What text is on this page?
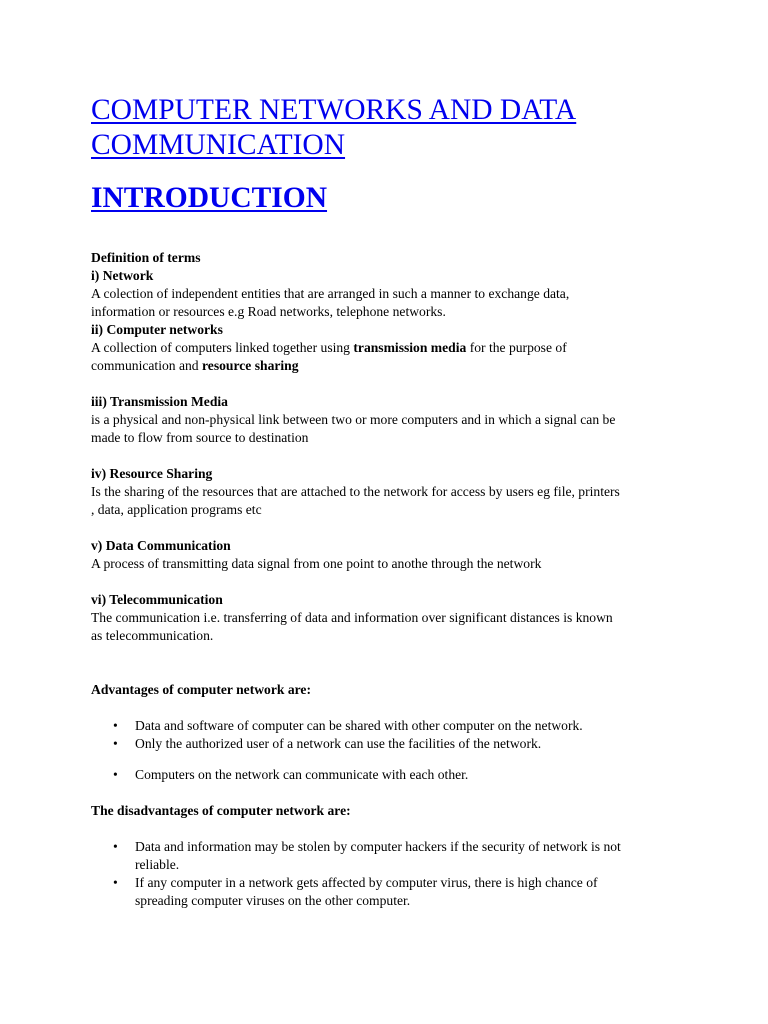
COMPUTER NETWORKS AND DATA
COMMUNICATION
INTRODUCTION

Definition of terms

i) Network

A colection of independent entities that are arranged in such a manner to exchange data,

information or resources e.g Road networks, telephone networks.

ii) Computer networks

A collection of computers linked together using transmission media for the purpose of

communication and resource sharing

iii) Transmission Media

is a physical and non-physical link between two or more computers and in which a signal can be

made to flow from source to destination

iv) Resource Sharing

Is the sharing of the resources that are attached to the network for access by users eg file, printers

, data, application programs etc

v) Data Communication

A process of transmitting data signal from one point to anothe through the network

vi) Telecommunication

The communication i.e. transferring of data and information over significant distances is known

as telecommunication.

Advantages of computer network are:

• Data and software of computer can be shared with other computer on the network.
• Only the authorized user of a network can use the facilities of the network.
• Computers on the network can communicate with each other.

The disadvantages of computer network are:

• Data and information may be stolen by computer hackers if the security of network is not
reliable.
• If any computer in a network gets affected by computer virus, there is high chance of
spreading computer viruses on the other computer.
